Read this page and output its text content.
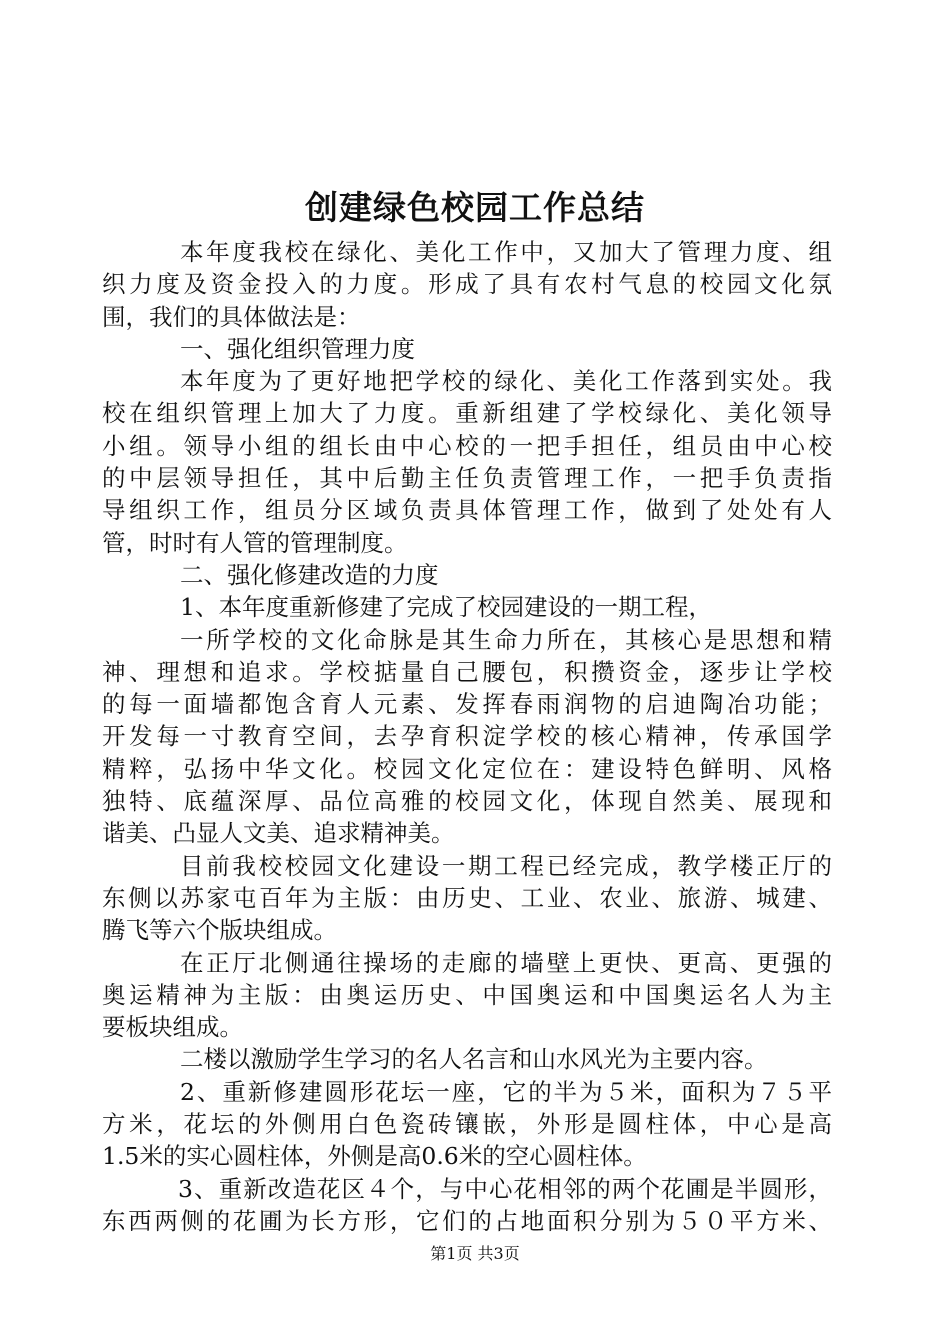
创建绿色校园工作总结
本年度我校在绿化、美化工作中，又加大了管理力度、组
织力度及资金投入的力度。形成了具有农村气息的校园文化氛
围，我们的具体做法是：
一、强化组织管理力度
本年度为了更好地把学校的绿化、美化工作落到实处。我
校在组织管理上加大了力度。重新组建了学校绿化、美化领导
小组。领导小组的组长由中心校的一把手担任，组员由中心校
的中层领导担任，其中后勤主任负责管理工作，一把手负责指
导组织工作，组员分区域负责具体管理工作，做到了处处有人
管，时时有人管的管理制度。
二、强化修建改造的力度
1、本年度重新修建了完成了校园建设的一期工程，
一所学校的文化命脉是其生命力所在，其核心是思想和精
神、理想和追求。学校掂量自己腰包，积攒资金，逐步让学校
的每一面墙都饱含育人元素、发挥春雨润物的启迪陶冶功能；
开发每一寸教育空间，去孕育积淀学校的核心精神，传承国学
精粹，弘扬中华文化。校园文化定位在：建设特色鲜明、风格
独特、底蕴深厚、品位高雅的校园文化，体现自然美、展现和
谐美、凸显人文美、追求精神美。
目前我校校园文化建设一期工程已经完成，教学楼正厅的
东侧以苏家屯百年为主版：由历史、工业、农业、旅游、城建、
腾飞等六个版块组成。
在正厅北侧通往操场的走廊的墙壁上更快、更高、更强的
奥运精神为主版：由奥运历史、中国奥运和中国奥运名人为主
要板块组成。
二楼以激励学生学习的名人名言和山水风光为主要内容。
2、重新修建圆形花坛一座，它的半为５米，面积为７５平
方米，花坛的外侧用白色瓷砖镶嵌，外形是圆柱体，中心是高
1.5米的实心圆柱体，外侧是高0.6米的空心圆柱体。
3、重新改造花区４个，与中心花相邻的两个花圃是半圆形，
东西两侧的花圃为长方形，它们的占地面积分别为５０平方米、
第1页 共3页
